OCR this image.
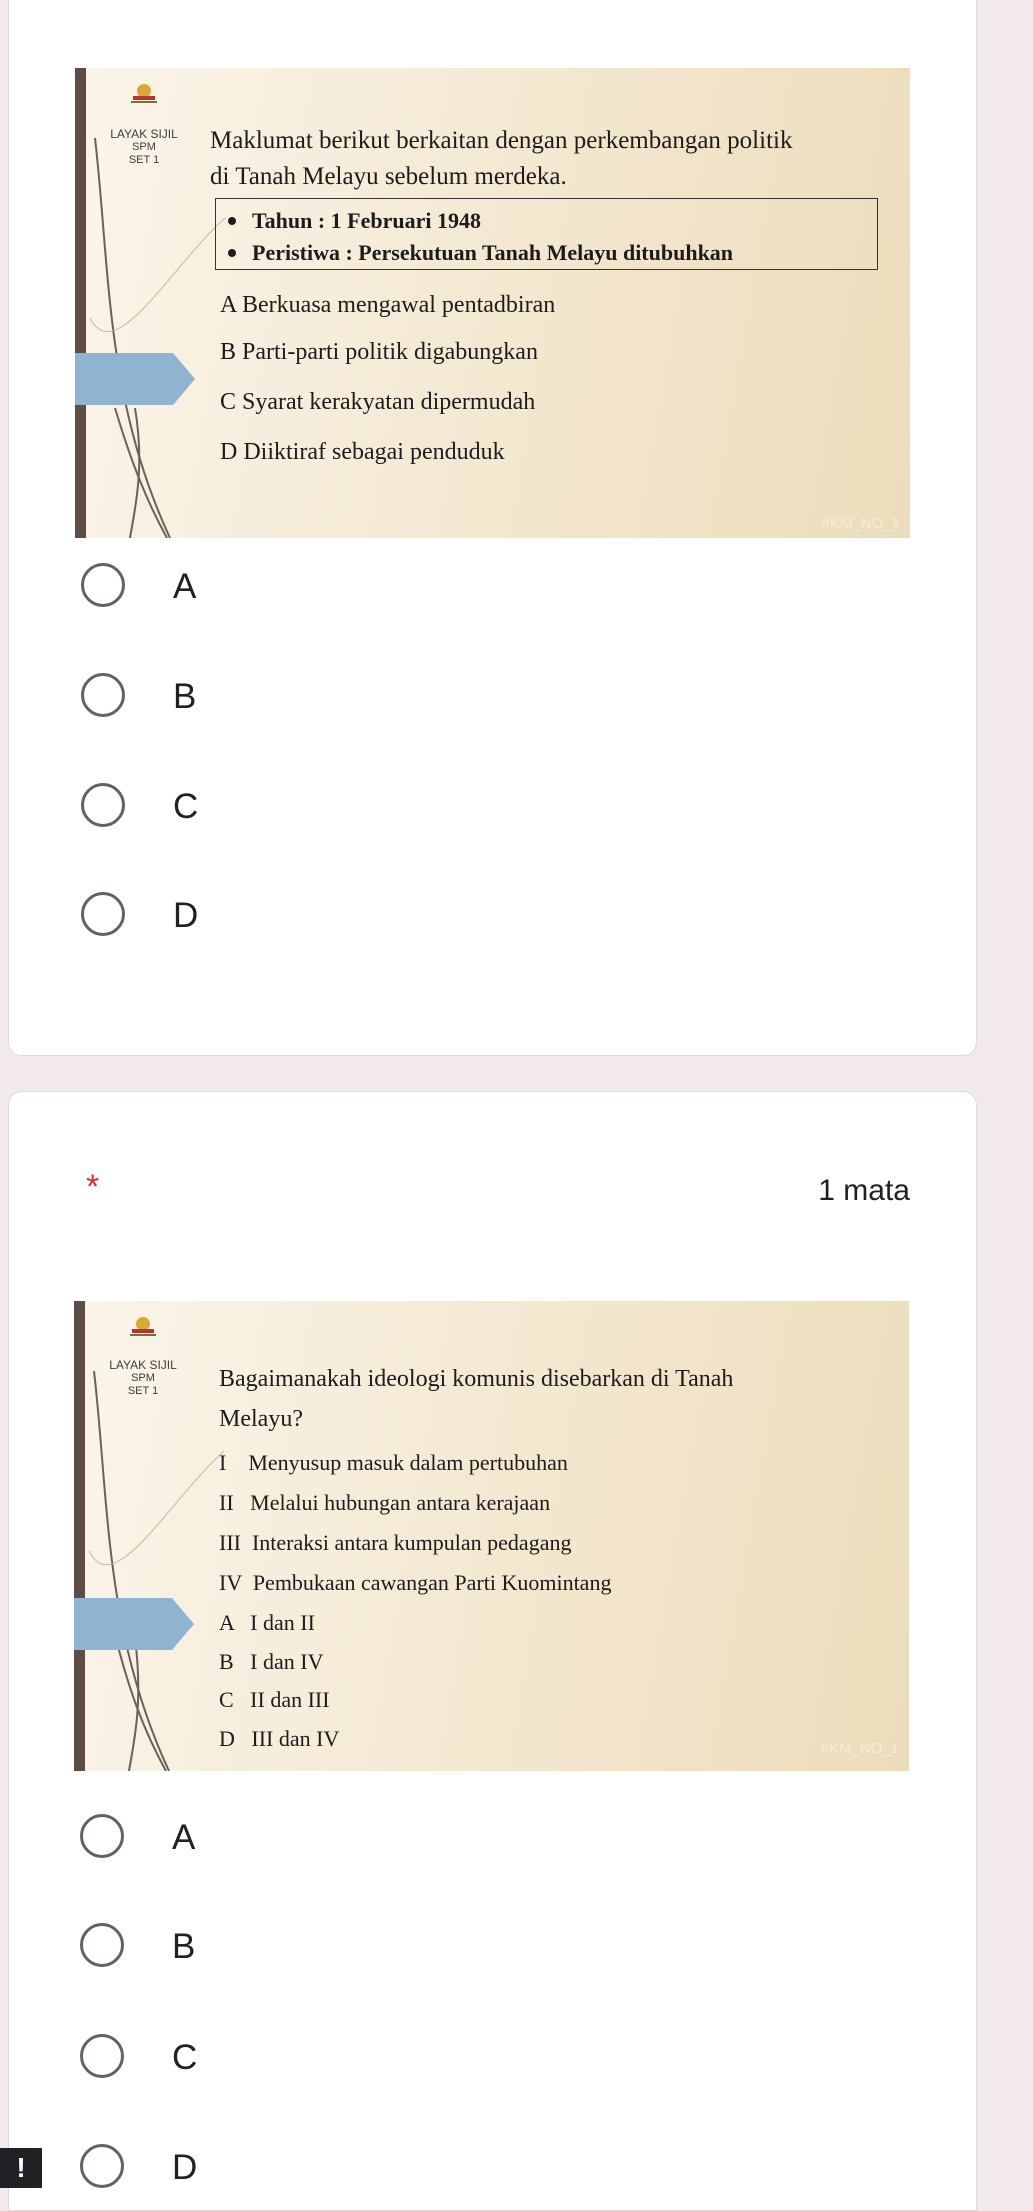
LAYAK SIJIL
SPM
SET 1
Maklumat berikut berkaitan dengan perkembangan politik
di Tanah Melayu sebelum merdeka.
Tahun : 1 Februari 1948
Peristiwa : Persekutuan Tanah Melayu ditubuhkan
A Berkuasa mengawal pentadbiran
B Parti-parti politik digabungkan
C Syarat kerakyatan dipermudah
D Diiktiraf sebagai penduduk
#KM_NO_1
A
B
C
D
*	1 mata
LAYAK SIJIL
SPM
SET 1	Bagaimanakah ideologi komunis disebarkan di Tanah
Melayu?
I    Menyusup masuk dalam pertubuhan
II   Melalui hubungan antara kerajaan
III  Interaksi antara kumpulan pedagang
IV  Pembukaan cawangan Parti Kuomintang
A   I dan II
B   I dan IV
C   II dan III
D   III dan IV	#KM_NO_1
A
B
C
D
!
